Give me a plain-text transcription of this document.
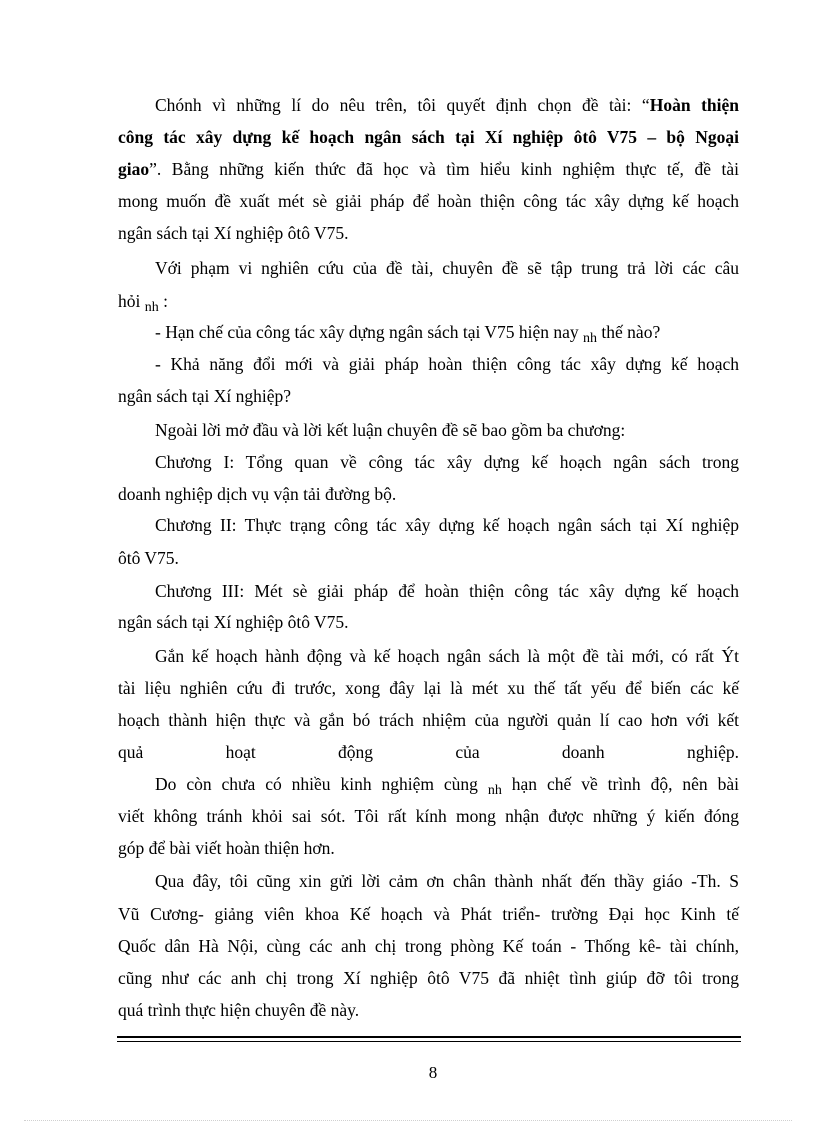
Chónh vì những lí do nêu trên, tôi quyết định chọn đề tài: “Hoàn thiện
công tác xây dựng kế hoạch ngân sách tại Xí nghiệp ôtô V75 – bộ Ngoại
giao”. Bằng những kiến thức đã học và tìm hiểu kinh nghiệm thực tế, đề tài
mong muốn đề xuất mét sè giải pháp để hoàn thiện công tác xây dựng kế hoạch
ngân sách tại Xí nghiệp ôtô V75.
Với phạm vi nghiên cứu của đề tài, chuyên đề sẽ tập trung trả lời các câu
hỏi nh :
- Hạn chế của công tác xây dựng ngân sách tại V75 hiện nay nh thế nào?
- Khả năng đổi mới và giải pháp hoàn thiện công tác xây dựng kế hoạch
ngân sách tại Xí nghiệp?
Ngoài lời mở đầu và lời kết luận chuyên đề sẽ bao gồm ba chương:
Chương I: Tổng quan về công tác xây dựng kế hoạch ngân sách trong
doanh nghiệp dịch vụ vận tải đường bộ.
Chương II: Thực trạng công tác xây dựng kế hoạch ngân sách tại Xí nghiệp
ôtô V75.
Chương III: Mét sè giải pháp để hoàn thiện công tác xây dựng kế hoạch
ngân sách tại Xí nghiệp ôtô V75.
Gắn kế hoạch hành động và kế hoạch ngân sách là một đề tài mới, có rất Ýt
tài liệu nghiên cứu đi trước, xong đây lại là mét xu thế tất yếu để biến các kế
hoạch thành hiện thực và gắn bó trách nhiệm của người quản lí cao hơn với kết
quả hoạt động của doanh nghiệp.
Do còn chưa có nhiều kinh nghiệm cùng nh hạn chế về trình độ, nên bài
viết không tránh khỏi sai sót. Tôi rất kính mong nhận được những ý kiến đóng
góp để bài viết hoàn thiện hơn.
Qua đây, tôi cũng xin gửi lời cảm ơn chân thành nhất đến thầy giáo -Th. S
Vũ Cương- giảng viên khoa Kế hoạch và Phát triển- trường Đại học Kinh tế
Quốc dân Hà Nội, cùng các anh chị trong phòng Kế toán - Thống kê- tài chính,
cũng như các anh chị trong Xí nghiệp ôtô V75 đã nhiệt tình giúp đỡ tôi trong
quá trình thực hiện chuyên đề này.
8
